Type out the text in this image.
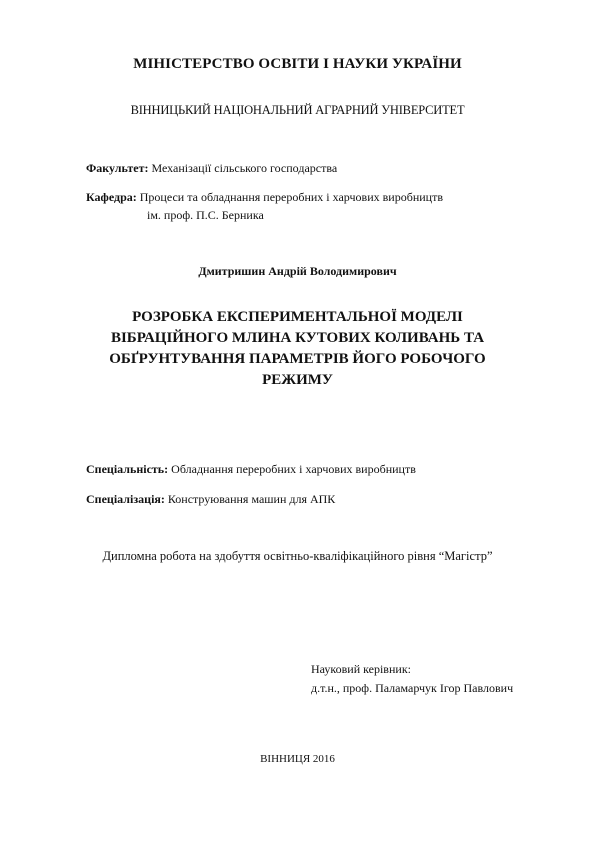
МІНІСТЕРСТВО ОСВІТИ І НАУКИ УКРАЇНИ
ВІННИЦЬКИЙ НАЦІОНАЛЬНИЙ АГРАРНИЙ УНІВЕРСИТЕТ
Факультет: Механізації сільського господарства
Кафедра: Процеси та обладнання переробних і харчових виробництв
ім. проф. П.С. Берника
Дмитришин Андрій Володимирович
РОЗРОБКА ЕКСПЕРИМЕНТАЛЬНОЇ МОДЕЛІ
ВІБРАЦІЙНОГО МЛИНА КУТОВИХ КОЛИВАНЬ ТА
ОБҐРУНТУВАННЯ ПАРАМЕТРІВ ЙОГО РОБОЧОГО
РЕЖИМУ
Спеціальність: Обладнання переробних і харчових виробництв
Спеціалізація: Конструювання машин для АПК
Дипломна робота на здобуття освітньо-кваліфікаційного рівня “Магістр”
Науковий керівник:
д.т.н., проф. Паламарчук Ігор Павлович
ВІННИЦЯ 2016
